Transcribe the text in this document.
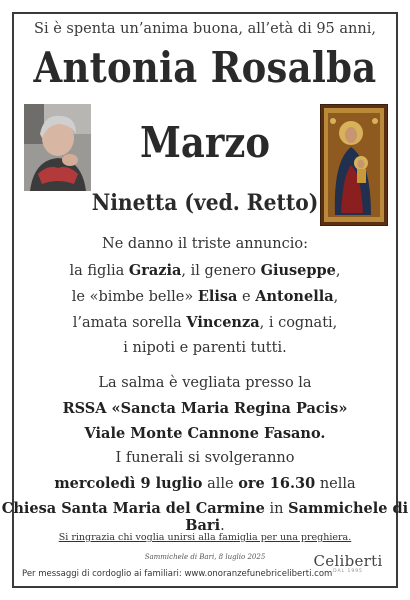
Si è spenta un’anima buona, all’età di 95 anni,
Antonia Rosalba
Marzo
Ninetta (ved. Retto)
Ne danno il triste annuncio:
la figlia Grazia, il genero Giuseppe,
le «bimbe belle» Elisa e Antonella,
l’amata sorella Vincenza, i cognati,
i nipoti e parenti tutti.
La salma è vegliata presso la
RSSA «Sancta Maria Regina Pacis»
Viale Monte Cannone Fasano.
I funerali si svolgeranno
mercoledì 9 luglio alle ore 16.30 nella
Chiesa Santa Maria del Carmine in Sammichele di Bari.
Si ringrazia chi voglia unirsi alla famiglia per una preghiera.
Sammichele di Bari, 8 luglio 2025
Per messaggi di cordoglio ai familiari: www.onoranzefunebriceliberti.com
Celiberti
DAL 1995
